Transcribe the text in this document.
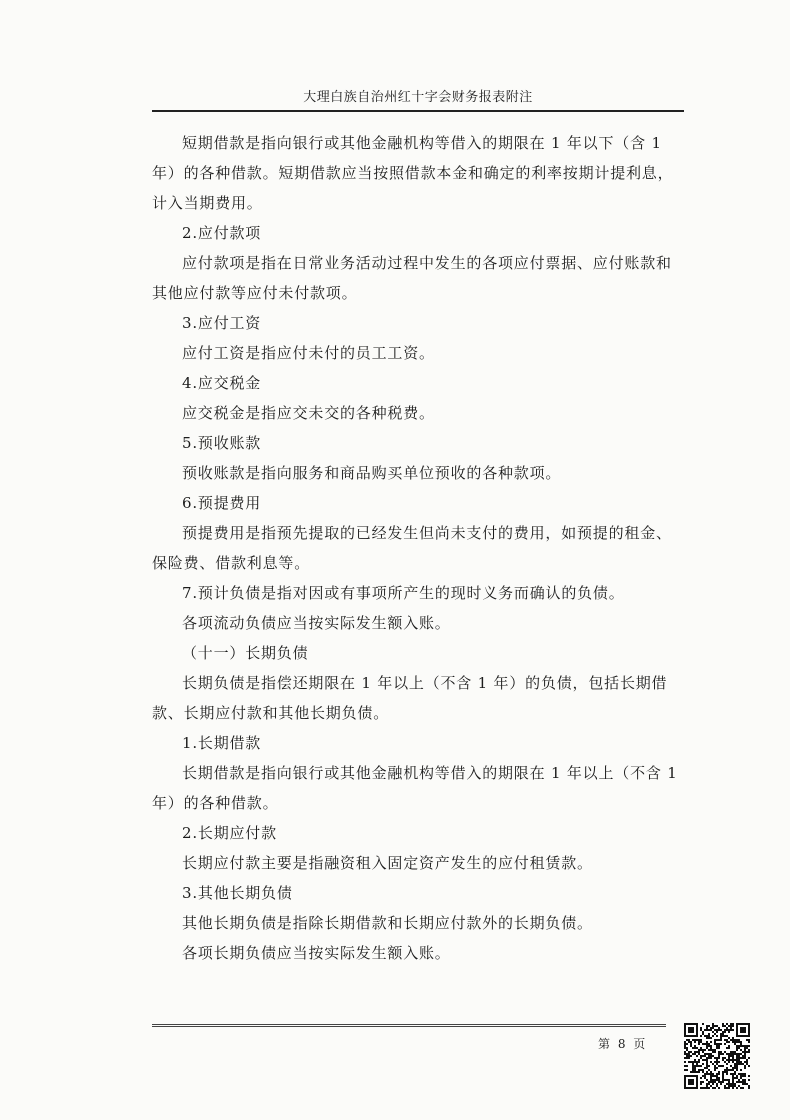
大理白族自治州红十字会财务报表附注

短期借款是指向银行或其他金融机构等借入的期限在 1 年以下（含 1 年）的各种借款。短期借款应当按照借款本金和确定的利率按期计提利息，计入当期费用。

2.应付款项

应付款项是指在日常业务活动过程中发生的各项应付票据、应付账款和其他应付款等应付未付款项。

3.应付工资

应付工资是指应付未付的员工工资。

4.应交税金

应交税金是指应交未交的各种税费。

5.预收账款

预收账款是指向服务和商品购买单位预收的各种款项。

6.预提费用

预提费用是指预先提取的已经发生但尚未支付的费用，如预提的租金、保险费、借款利息等。

7.预计负债是指对因或有事项所产生的现时义务而确认的负债。

各项流动负债应当按实际发生额入账。

（十一）长期负债

长期负债是指偿还期限在 1 年以上（不含 1 年）的负债，包括长期借款、长期应付款和其他长期负债。

1.长期借款

长期借款是指向银行或其他金融机构等借入的期限在 1 年以上（不含 1 年）的各种借款。

2.长期应付款

长期应付款主要是指融资租入固定资产发生的应付租赁款。

3.其他长期负债

其他长期负债是指除长期借款和长期应付款外的长期负债。

各项长期负债应当按实际发生额入账。

第 8 页
